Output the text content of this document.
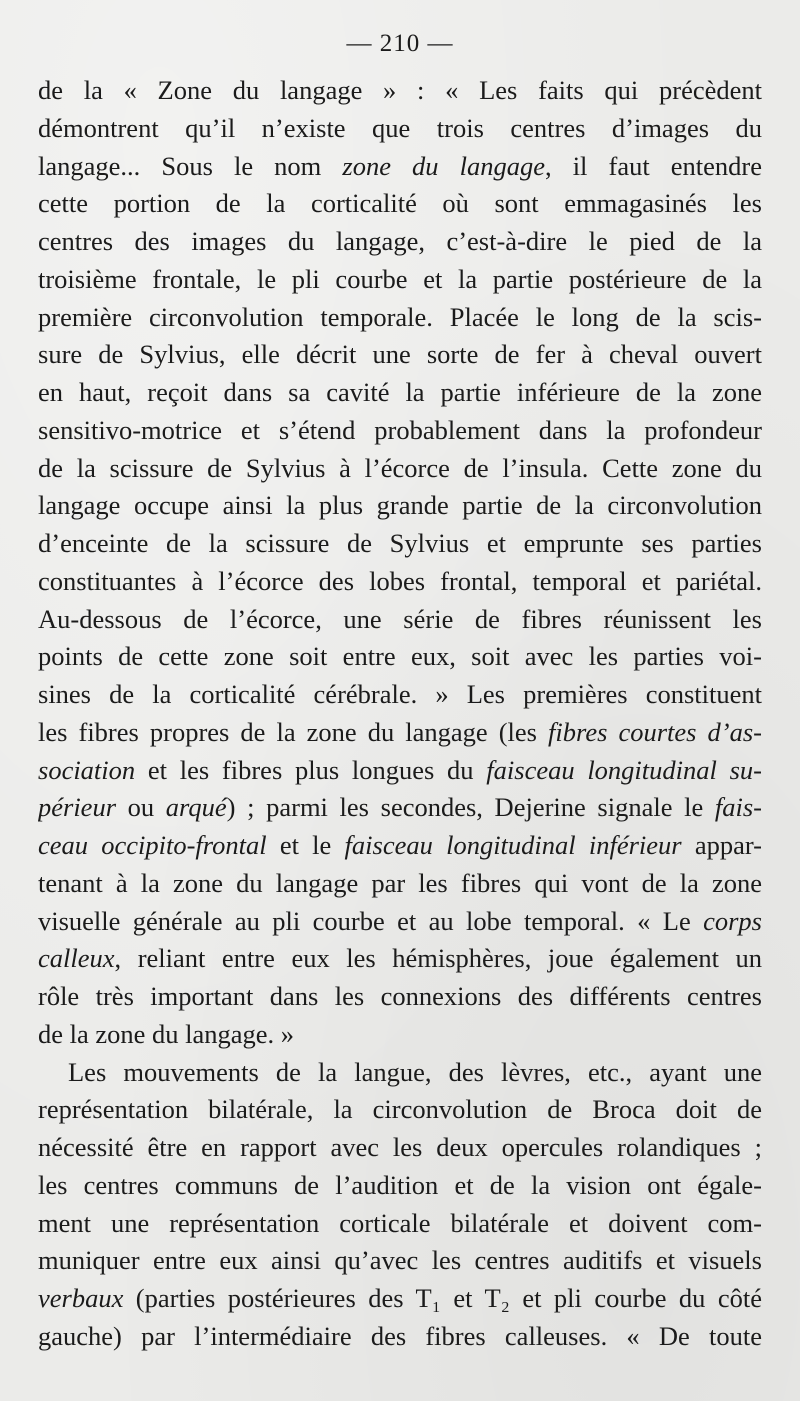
— 210 —
de la « Zone du langage » : « Les faits qui précèdent
démontrent qu’il n’existe que trois centres d’images du
langage... Sous le nom zone du langage, il faut entendre
cette portion de la corticalité où sont emmagasinés les
centres des images du langage, c’est-à-dire le pied de la
troisième frontale, le pli courbe et la partie postérieure de la
première circonvolution temporale. Placée le long de la scis-
sure de Sylvius, elle décrit une sorte de fer à cheval ouvert
en haut, reçoit dans sa cavité la partie inférieure de la zone
sensitivo-motrice et s’étend probablement dans la profondeur
de la scissure de Sylvius à l’écorce de l’insula. Cette zone du
langage occupe ainsi la plus grande partie de la circonvolution
d’enceinte de la scissure de Sylvius et emprunte ses parties
constituantes à l’écorce des lobes frontal, temporal et pariétal.
Au-dessous de l’écorce, une série de fibres réunissent les
points de cette zone soit entre eux, soit avec les parties voi-
sines de la corticalité cérébrale. » Les premières constituent
les fibres propres de la zone du langage (les fibres courtes d’as-
sociation et les fibres plus longues du faisceau longitudinal su-
périeur ou arqué) ; parmi les secondes, Dejerine signale le fais-
ceau occipito-frontal et le faisceau longitudinal inférieur appar-
tenant à la zone du langage par les fibres qui vont de la zone
visuelle générale au pli courbe et au lobe temporal. « Le corps
calleux, reliant entre eux les hémisphères, joue également un
rôle très important dans les connexions des différents centres
de la zone du langage. »
Les mouvements de la langue, des lèvres, etc., ayant une
représentation bilatérale, la circonvolution de Broca doit de
nécessité être en rapport avec les deux opercules rolandiques ;
les centres communs de l’audition et de la vision ont égale-
ment une représentation corticale bilatérale et doivent com-
muniquer entre eux ainsi qu’avec les centres auditifs et visuels
verbaux (parties postérieures des T₁ et T₂ et pli courbe du côté
gauche) par l’intermédiaire des fibres calleuses. « De toute
